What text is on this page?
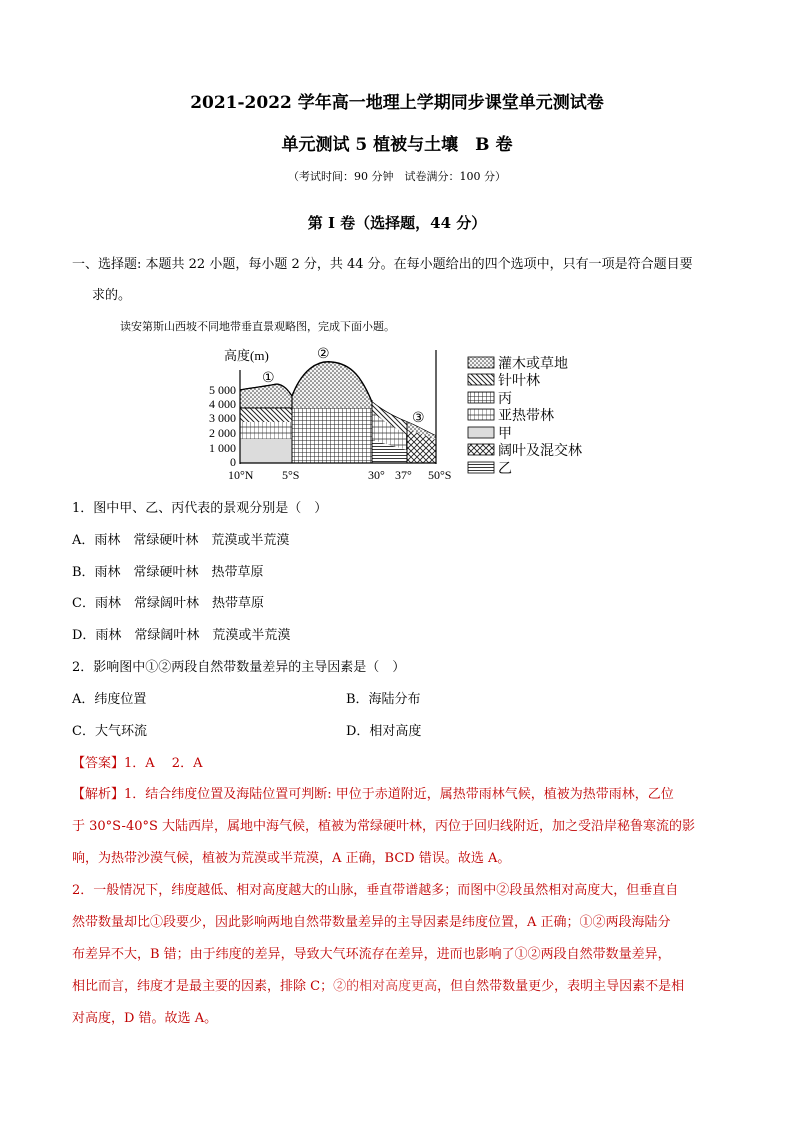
2021-2022 学年高一地理上学期同步课堂单元测试卷
单元测试 5 植被与土壤　B 卷
（考试时间：90 分钟　试卷满分：100 分）
第 I 卷（选择题，44 分）
一、选择题: 本题共 22 小题，每小题 2 分，共 44 分。在每小题给出的四个选项中，只有一项是符合题目要
求的。
读安第斯山西坡不同地带垂直景观略图，完成下面小题。
高度(m)
5 000
4 000
3 000
2 000
1 000
0
①
②
③
10°N 5°S	30° 37° 50°S
灌木或草地
针叶林
丙
亚热带林
甲
阔叶及混交林
乙
1．图中甲、乙、丙代表的景观分别是（　）
A．雨林　常绿硬叶林　荒漠或半荒漠
B．雨林　常绿硬叶林　热带草原
C．雨林　常绿阔叶林　热带草原
D．雨林　常绿阔叶林　荒漠或半荒漠
2．影响图中①②两段自然带数量差异的主导因素是（　）
A．纬度位置	B．海陆分布
C．大气环流	D．相对高度
【答案】1．A　 2．A
【解析】1．结合纬度位置及海陆位置可判断: 甲位于赤道附近，属热带雨林气候，植被为热带雨林，乙位
于 30°S-40°S 大陆西岸，属地中海气候，植被为常绿硬叶林，丙位于回归线附近，加之受沿岸秘鲁寒流的影
响，为热带沙漠气候，植被为荒漠或半荒漠，A 正确，BCD 错误。故选 A。
2．一般情况下，纬度越低、相对高度越大的山脉，垂直带谱越多；而图中②段虽然相对高度大，但垂直自
然带数量却比①段要少，因此影响两地自然带数量差异的主导因素是纬度位置，A 正确；①②两段海陆分
布差异不大，B 错；由于纬度的差异，导致大气环流存在差异，进而也影响了①②两段自然带数量差异，
相比而言，纬度才是最主要的因素，排除 C；②的相对高度更高，但自然带数量更少，表明主导因素不是相
对高度，D 错。故选 A。
